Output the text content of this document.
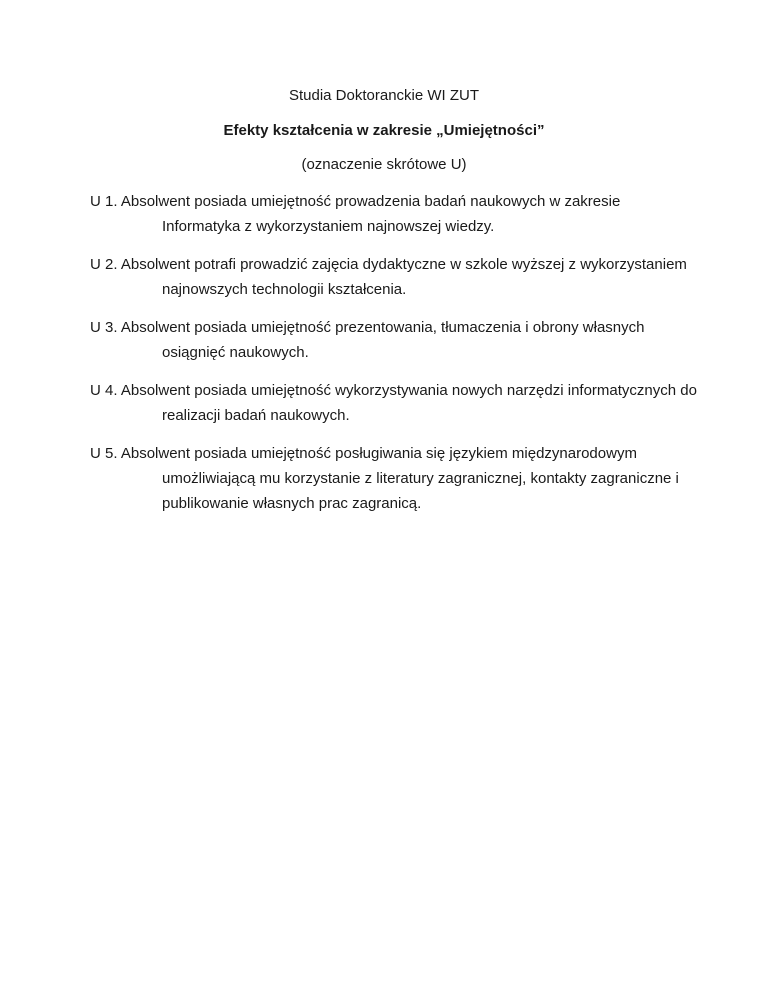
Studia Doktoranckie WI ZUT
Efekty kształcenia w zakresie „Umiejętności”
(oznaczenie skrótowe U)
U 1. Absolwent posiada umiejętność prowadzenia badań naukowych w zakresie Informatyka z wykorzystaniem najnowszej wiedzy.
U 2. Absolwent potrafi prowadzić zajęcia dydaktyczne w szkole wyższej z wykorzystaniem najnowszych technologii kształcenia.
U 3. Absolwent posiada umiejętność prezentowania, tłumaczenia i obrony własnych osiągnięć naukowych.
U 4. Absolwent posiada umiejętność wykorzystywania nowych narzędzi informatycznych do realizacji badań naukowych.
U 5. Absolwent posiada umiejętność posługiwania się językiem międzynarodowym umożliwiającą mu korzystanie z literatury zagranicznej, kontakty zagraniczne i publikowanie własnych prac zagranicą.
